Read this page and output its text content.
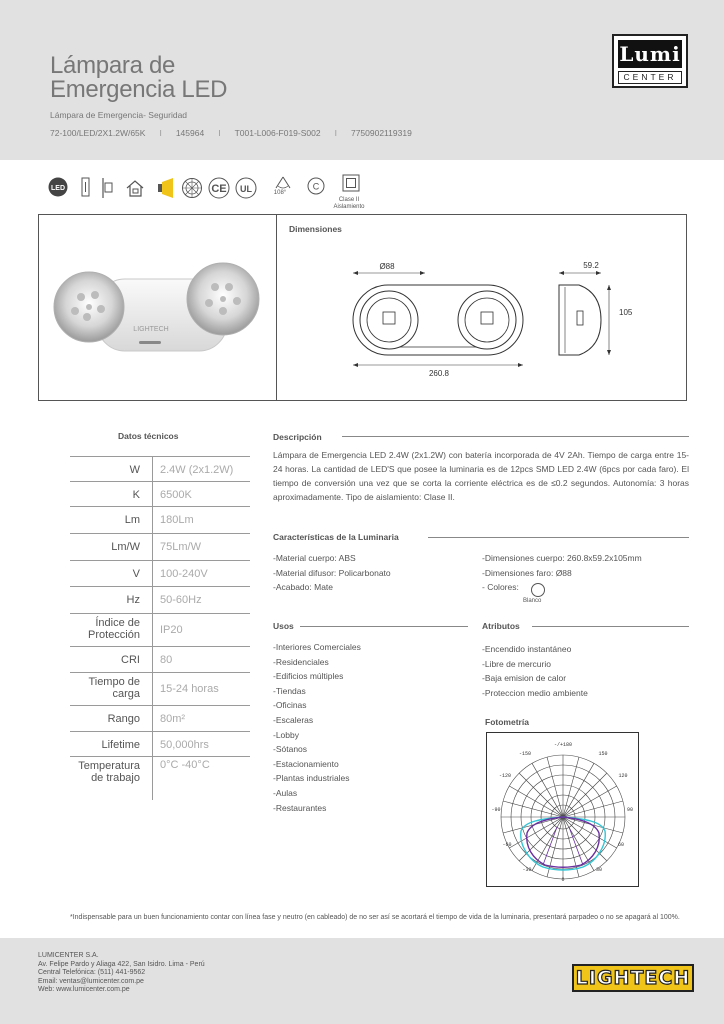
Lámpara de
Emergencia LED
Lámpara de Emergencia- Seguridad
72-100/LED/2X1.2W/65K I 145964 I T001-L006-F019-S002 I 7750902119319
Lumi
CENTER
LED	CE UL	C
108°
Clase II
Aislamiento
LIGHTECH
Dimensiones
Ø88
260.8
59.2
105
Datos técnicos
W 2.4W (2x1.2W)
K 6500K
Lm 180Lm
Lm/W 75Lm/W
V 100-240V
Hz 50-60Hz
Índice de Protección IP20
CRI 80
Tiempo de carga 15-24 horas
Rango 80m²
Lifetime 50,000hrs
Temperatura de trabajo
0°C -40°C
Descripción
Lámpara de Emergencia LED 2.4W (2x1.2W) con batería incorporada de 4V 2Ah. Tiempo de carga entre 15-24 horas. La cantidad de LED'S que posee la luminaria es de 12pcs SMD LED 2.4W (6pcs por cada faro). El tiempo de conversión una vez que se corta la corriente eléctrica es de ≤0.2 segundos. Autonomía: 3 horas aproximadamente. Tipo de aislamiento: Clase II.
Características de la Luminaria
-Material cuerpo: ABS
-Material difusor: Policarbonato
-Acabado: Mate
-Dimensiones cuerpo: 260.8x59.2x105mm
-Dimensiones faro: Ø88
- Colores:
Blanco
Usos
-Interiores Comerciales
-Residenciales
-Edificios múltiples
-Tiendas
-Oficinas
-Escaleras
-Lobby
-Sótanos
-Estacionamiento
-Plantas industriales
-Aulas
-Restaurantes
Atributos
-Encendido instantáneo
-Libre de mercurio
-Baja emision de calor
-Proteccion medio ambiente
Fotometría
-/+180
-150	150
-120	120
-90	90
-60	60
-30	30
0
*Indispensable para un buen funcionamiento contar con línea fase y neutro (en cableado) de no ser así se acortará el tiempo de vida de la luminaria, presentará parpadeo o no se apagará al 100%.
LUMICENTER S.A.
Av. Felipe Pardo y Aliaga 422, San Isidro. Lima - Perú
Central Telefónica: (511) 441-9562
Email: ventas@lumicenter.com.pe
Web: www.lumicenter.com.pe
LIGHTECH
